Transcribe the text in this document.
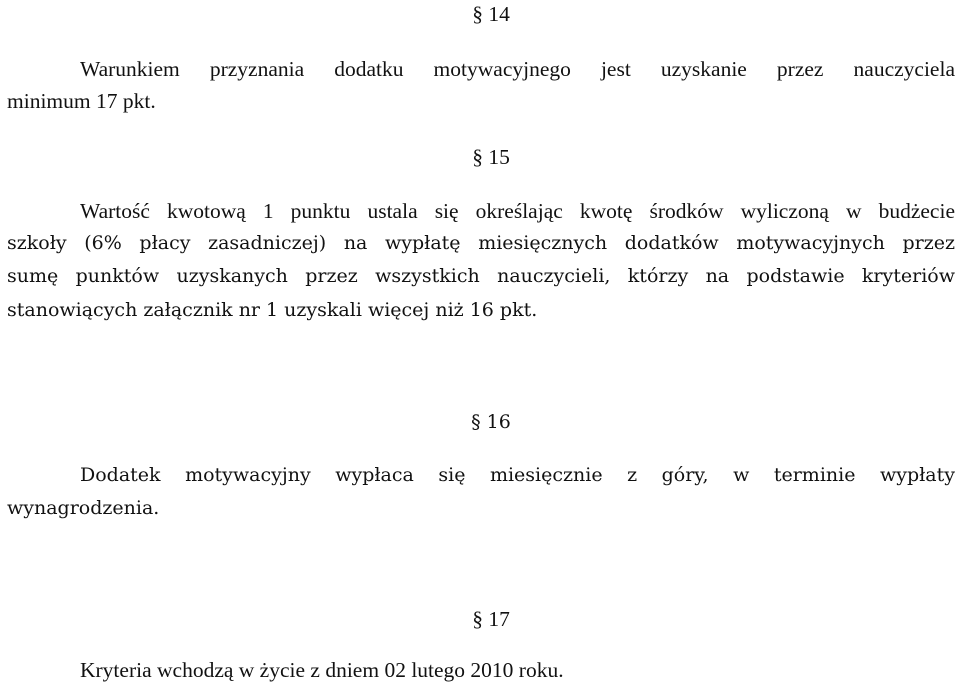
§ 14
Warunkiem przyznania dodatku motywacyjnego jest uzyskanie przez nauczyciela
minimum 17 pkt.
§ 15
Wartość kwotową 1 punktu ustala się określając kwotę środków wyliczoną w budżecie
szkoły (6% płacy zasadniczej) na wypłatę miesięcznych dodatków motywacyjnych przez
sumę punktów uzyskanych przez wszystkich nauczycieli, którzy na podstawie kryteriów
stanowiących załącznik nr 1 uzyskali więcej niż 16 pkt.
§ 16
Dodatek motywacyjny wypłaca się miesięcznie z góry, w terminie wypłaty
wynagrodzenia.
§ 17
Kryteria wchodzą w życie z dniem 02 lutego 2010 roku.
